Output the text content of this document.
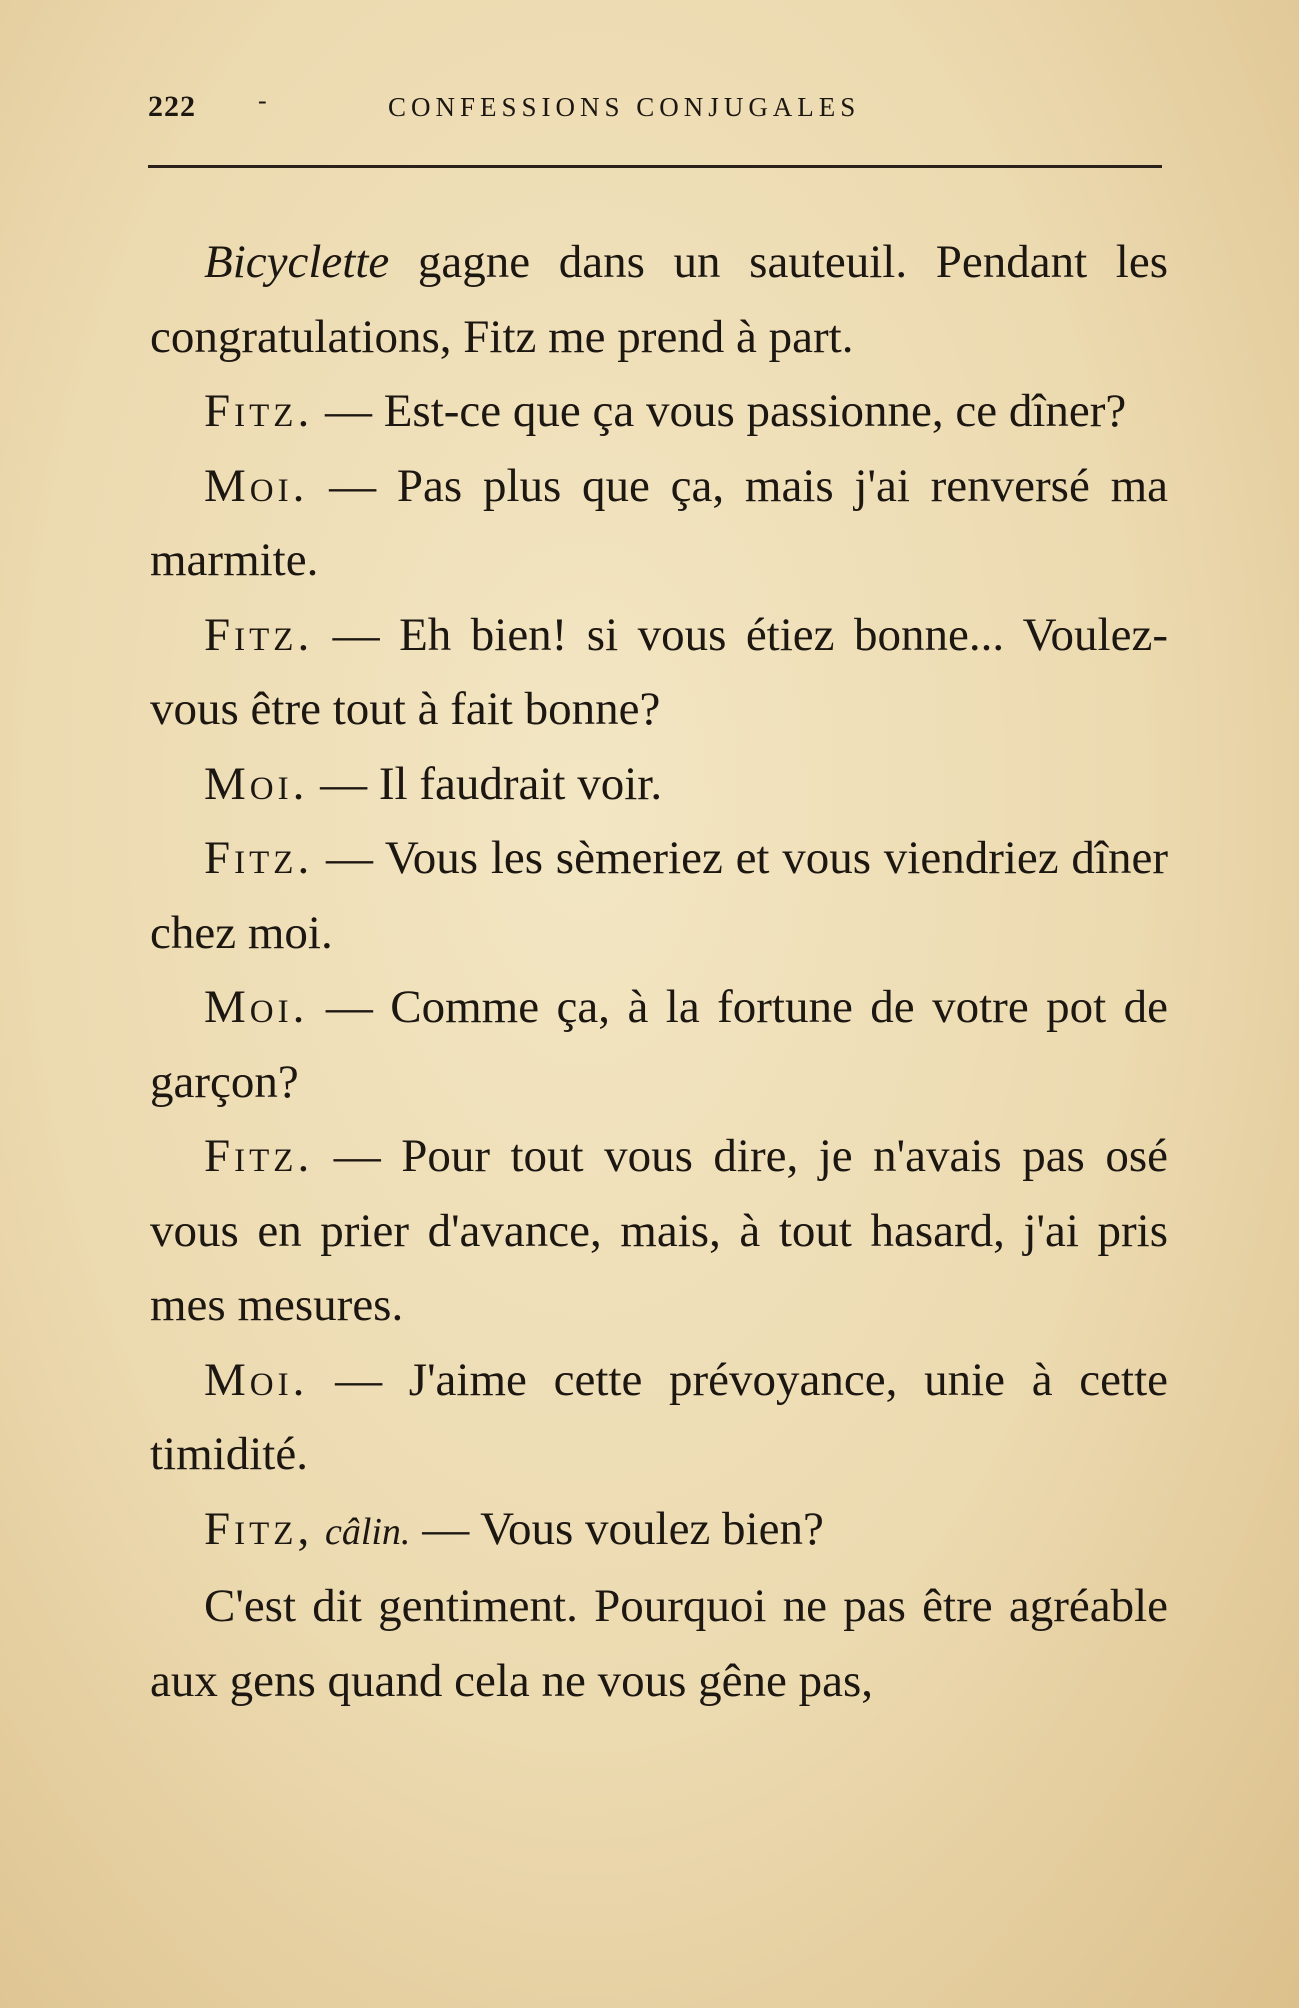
222 -	CONFESSIONS CONJUGALES

Bicyclette gagne dans un sauteuil. Pendant les congratulations, Fitz me prend à part.

Fitz. — Est-ce que ça vous passionne, ce dîner?

Moi. — Pas plus que ça, mais j'ai renversé ma marmite.

Fitz. — Eh bien! si vous étiez bonne... Voulez-vous être tout à fait bonne?

Moi. — Il faudrait voir.

Fitz. — Vous les sèmeriez et vous viendriez dîner chez moi.

Moi. — Comme ça, à la fortune de votre pot de garçon?

Fitz. — Pour tout vous dire, je n'avais pas osé vous en prier d'avance, mais, à tout hasard, j'ai pris mes mesures.

Moi. — J'aime cette prévoyance, unie à cette timidité.

Fitz, câlin. — Vous voulez bien?

C'est dit gentiment. Pourquoi ne pas être agréable aux gens quand cela ne vous gêne pas,
